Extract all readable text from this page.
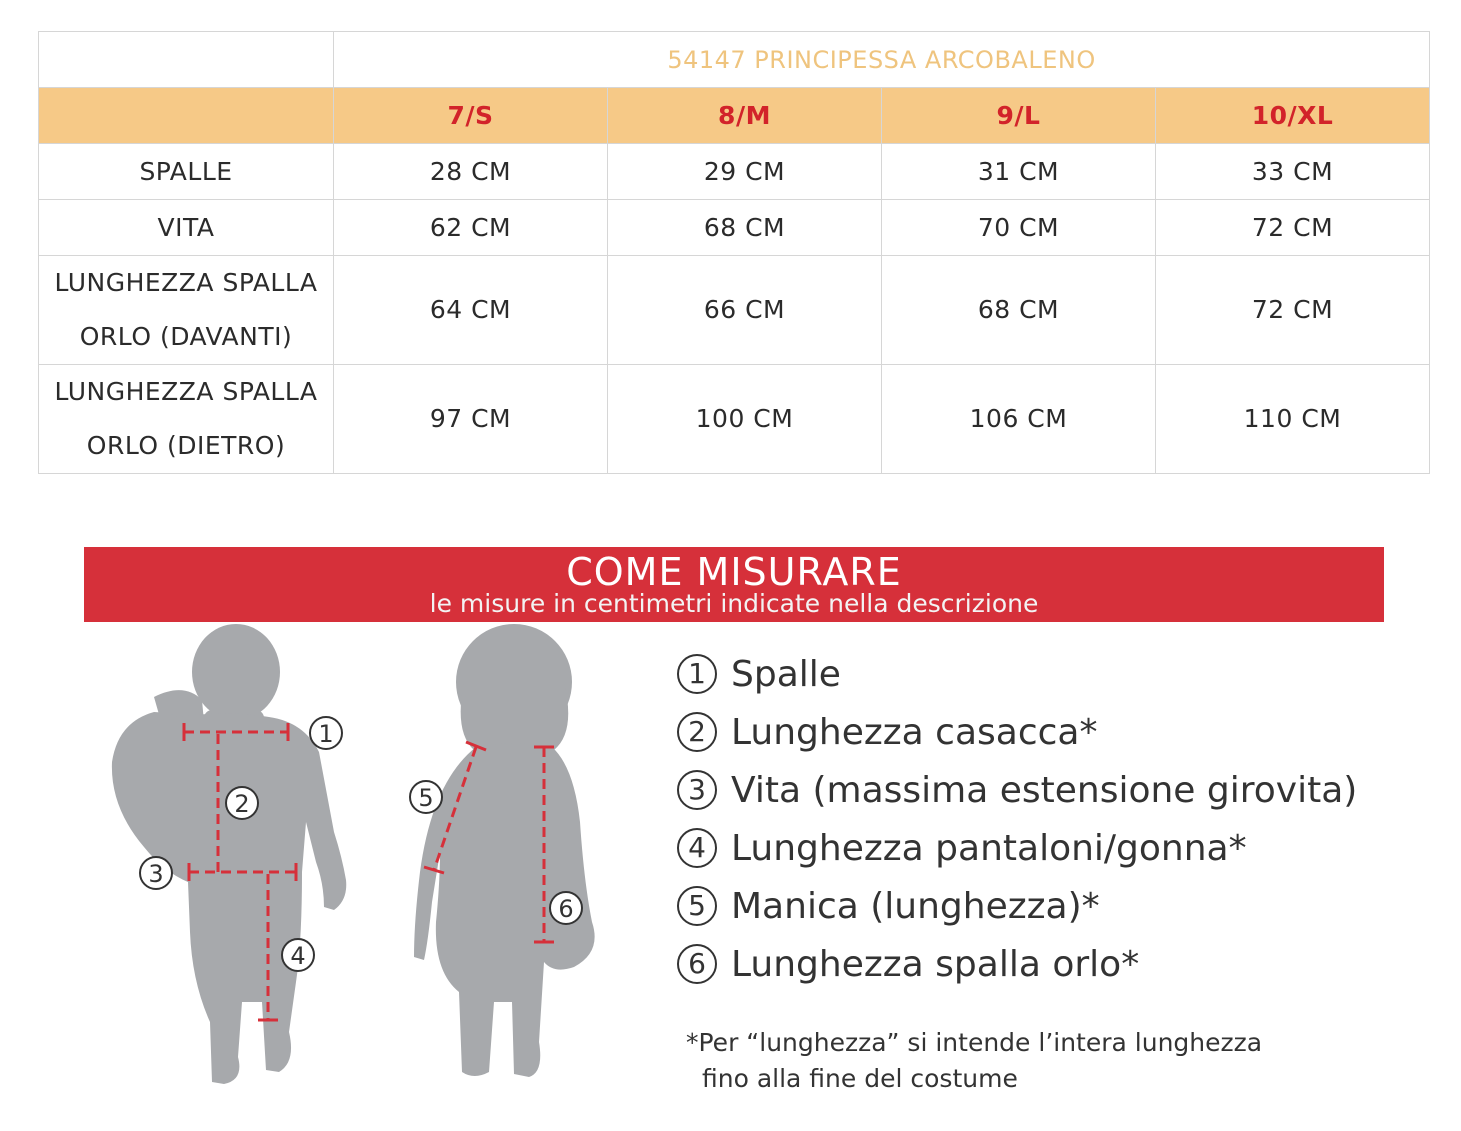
	54147 PRINCIPESSA ARCOBALENO			
	7/S	8/M	9/L	10/XL
SPALLE	28 CM	29 CM	31 CM	33 CM
VITA	62 CM	68 CM	70 CM	72 CM
LUNGHEZZA SPALLA
ORLO (DAVANTI)	64 CM	66 CM	68 CM	72 CM
LUNGHEZZA SPALLA
ORLO (DIETRO)	97 CM	100 CM	106 CM	110 CM
COME MISURARE
le misure in centimetri indicate nella descrizione
1
2
3
4
5
6
1 Spalle
2 Lunghezza casacca*
3 Vita (massima estensione girovita)
4 Lunghezza pantaloni/gonna*
5 Manica (lunghezza)*
6 Lunghezza spalla orlo*
*Per “lunghezza” si intende l’intera lunghezza
fino alla fine del costume
